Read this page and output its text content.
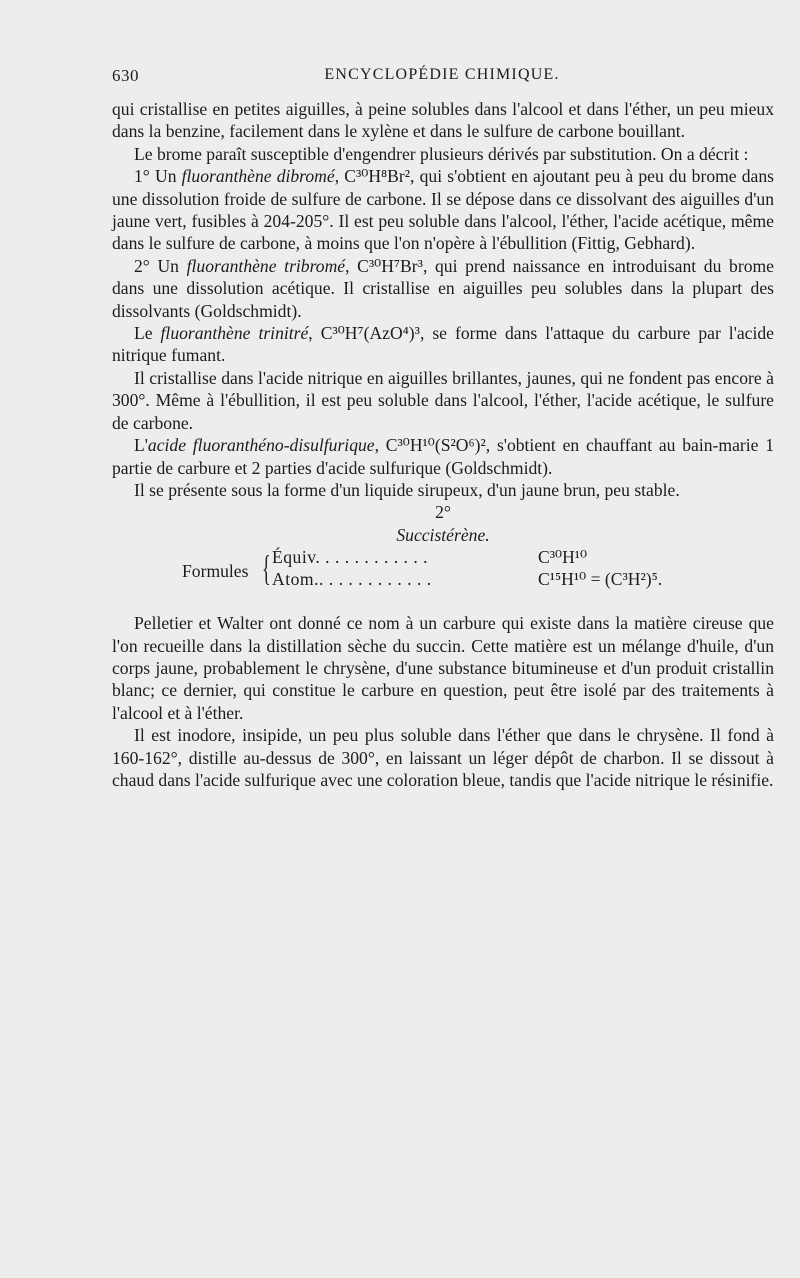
630	ENCYCLOPÉDIE CHIMIQUE.

qui cristallise en petites aiguilles, à peine solubles dans l'alcool et dans l'éther, un peu mieux dans la benzine, facilement dans le xylène et dans le sulfure de carbone bouillant.

Le brome paraît susceptible d'engendrer plusieurs dérivés par substitution. On a décrit :

1° Un fluoranthène dibromé, C³⁰H⁸Br², qui s'obtient en ajoutant peu à peu du brome dans une dissolution froide de sulfure de carbone. Il se dépose dans ce dissolvant des aiguilles d'un jaune vert, fusibles à 204-205°. Il est peu soluble dans l'alcool, l'éther, l'acide acétique, même dans le sulfure de carbone, à moins que l'on n'opère à l'ébullition (Fittig, Gebhard).

2° Un fluoranthène tribromé, C³⁰H⁷Br³, qui prend naissance en introduisant du brome dans une dissolution acétique. Il cristallise en aiguilles peu solubles dans la plupart des dissolvants (Goldschmidt).

Le fluoranthène trinitré, C³⁰H⁷(AzO⁴)³, se forme dans l'attaque du carbure par l'acide nitrique fumant.

Il cristallise dans l'acide nitrique en aiguilles brillantes, jaunes, qui ne fondent pas encore à 300°. Même à l'ébullition, il est peu soluble dans l'alcool, l'éther, l'acide acétique, le sulfure de carbone.

L'acide fluoranthéno-disulfurique, C³⁰H¹⁰(S²O⁶)², s'obtient en chauffant au bain-marie 1 partie de carbure et 2 parties d'acide sulfurique (Goldschmidt).

Il se présente sous la forme d'un liquide sirupeux, d'un jaune brun, peu stable.

2°

Succistérène.

Formules { Équiv. . . . . . . . . . . .	C³⁰H¹⁰
Atom.. . . . . . . . . . . .	C¹⁵H¹⁰ = (C³H²)⁵.

Pelletier et Walter ont donné ce nom à un carbure qui existe dans la matière cireuse que l'on recueille dans la distillation sèche du succin. Cette matière est un mélange d'huile, d'un corps jaune, probablement le chrysène, d'une substance bitumineuse et d'un produit cristallin blanc; ce dernier, qui constitue le carbure en question, peut être isolé par des traitements à l'alcool et à l'éther.

Il est inodore, insipide, un peu plus soluble dans l'éther que dans le chrysène. Il fond à 160-162°, distille au-dessus de 300°, en laissant un léger dépôt de charbon. Il se dissout à chaud dans l'acide sulfurique avec une coloration bleue, tandis que l'acide nitrique le résinifie.
